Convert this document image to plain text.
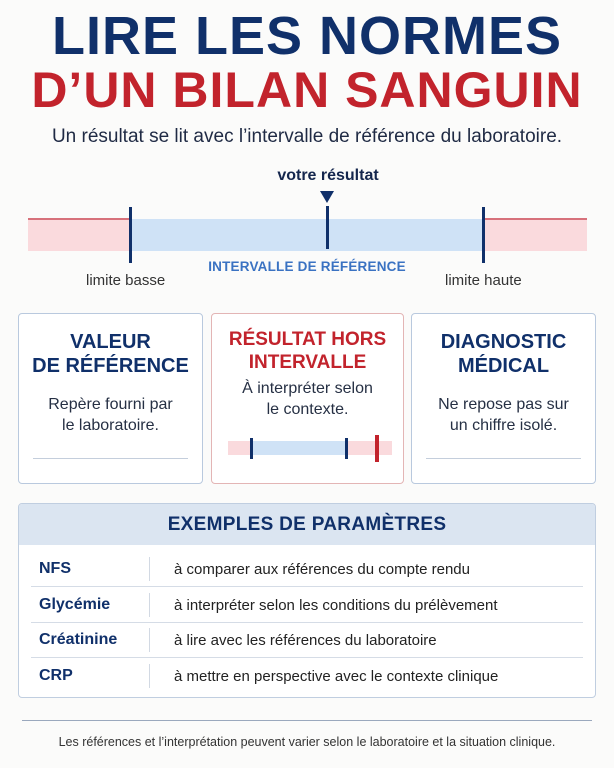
LIRE LES NORMES
D’UN BILAN SANGUIN
Un résultat se lit avec l’intervalle de référence du laboratoire.
votre résultat
limite basse
INTERVALLE DE RÉFÉRENCE
limite haute
VALEUR
DE RÉFÉRENCE

Repère fourni par
le laboratoire.

RÉSULTAT HORS
INTERVALLE

À interpréter selon
le contexte.

DIAGNOSTIC
MÉDICAL

Ne repose pas sur
un chiffre isolé.

EXEMPLES DE PARAMÈTRES
NFS	à comparer aux références du compte rendu
Glycémie	à interpréter selon les conditions du prélèvement
Créatinine	à lire avec les références du laboratoire
CRP	à mettre en perspective avec le contexte clinique
Les références et l’interprétation peuvent varier selon le laboratoire et la situation clinique.
